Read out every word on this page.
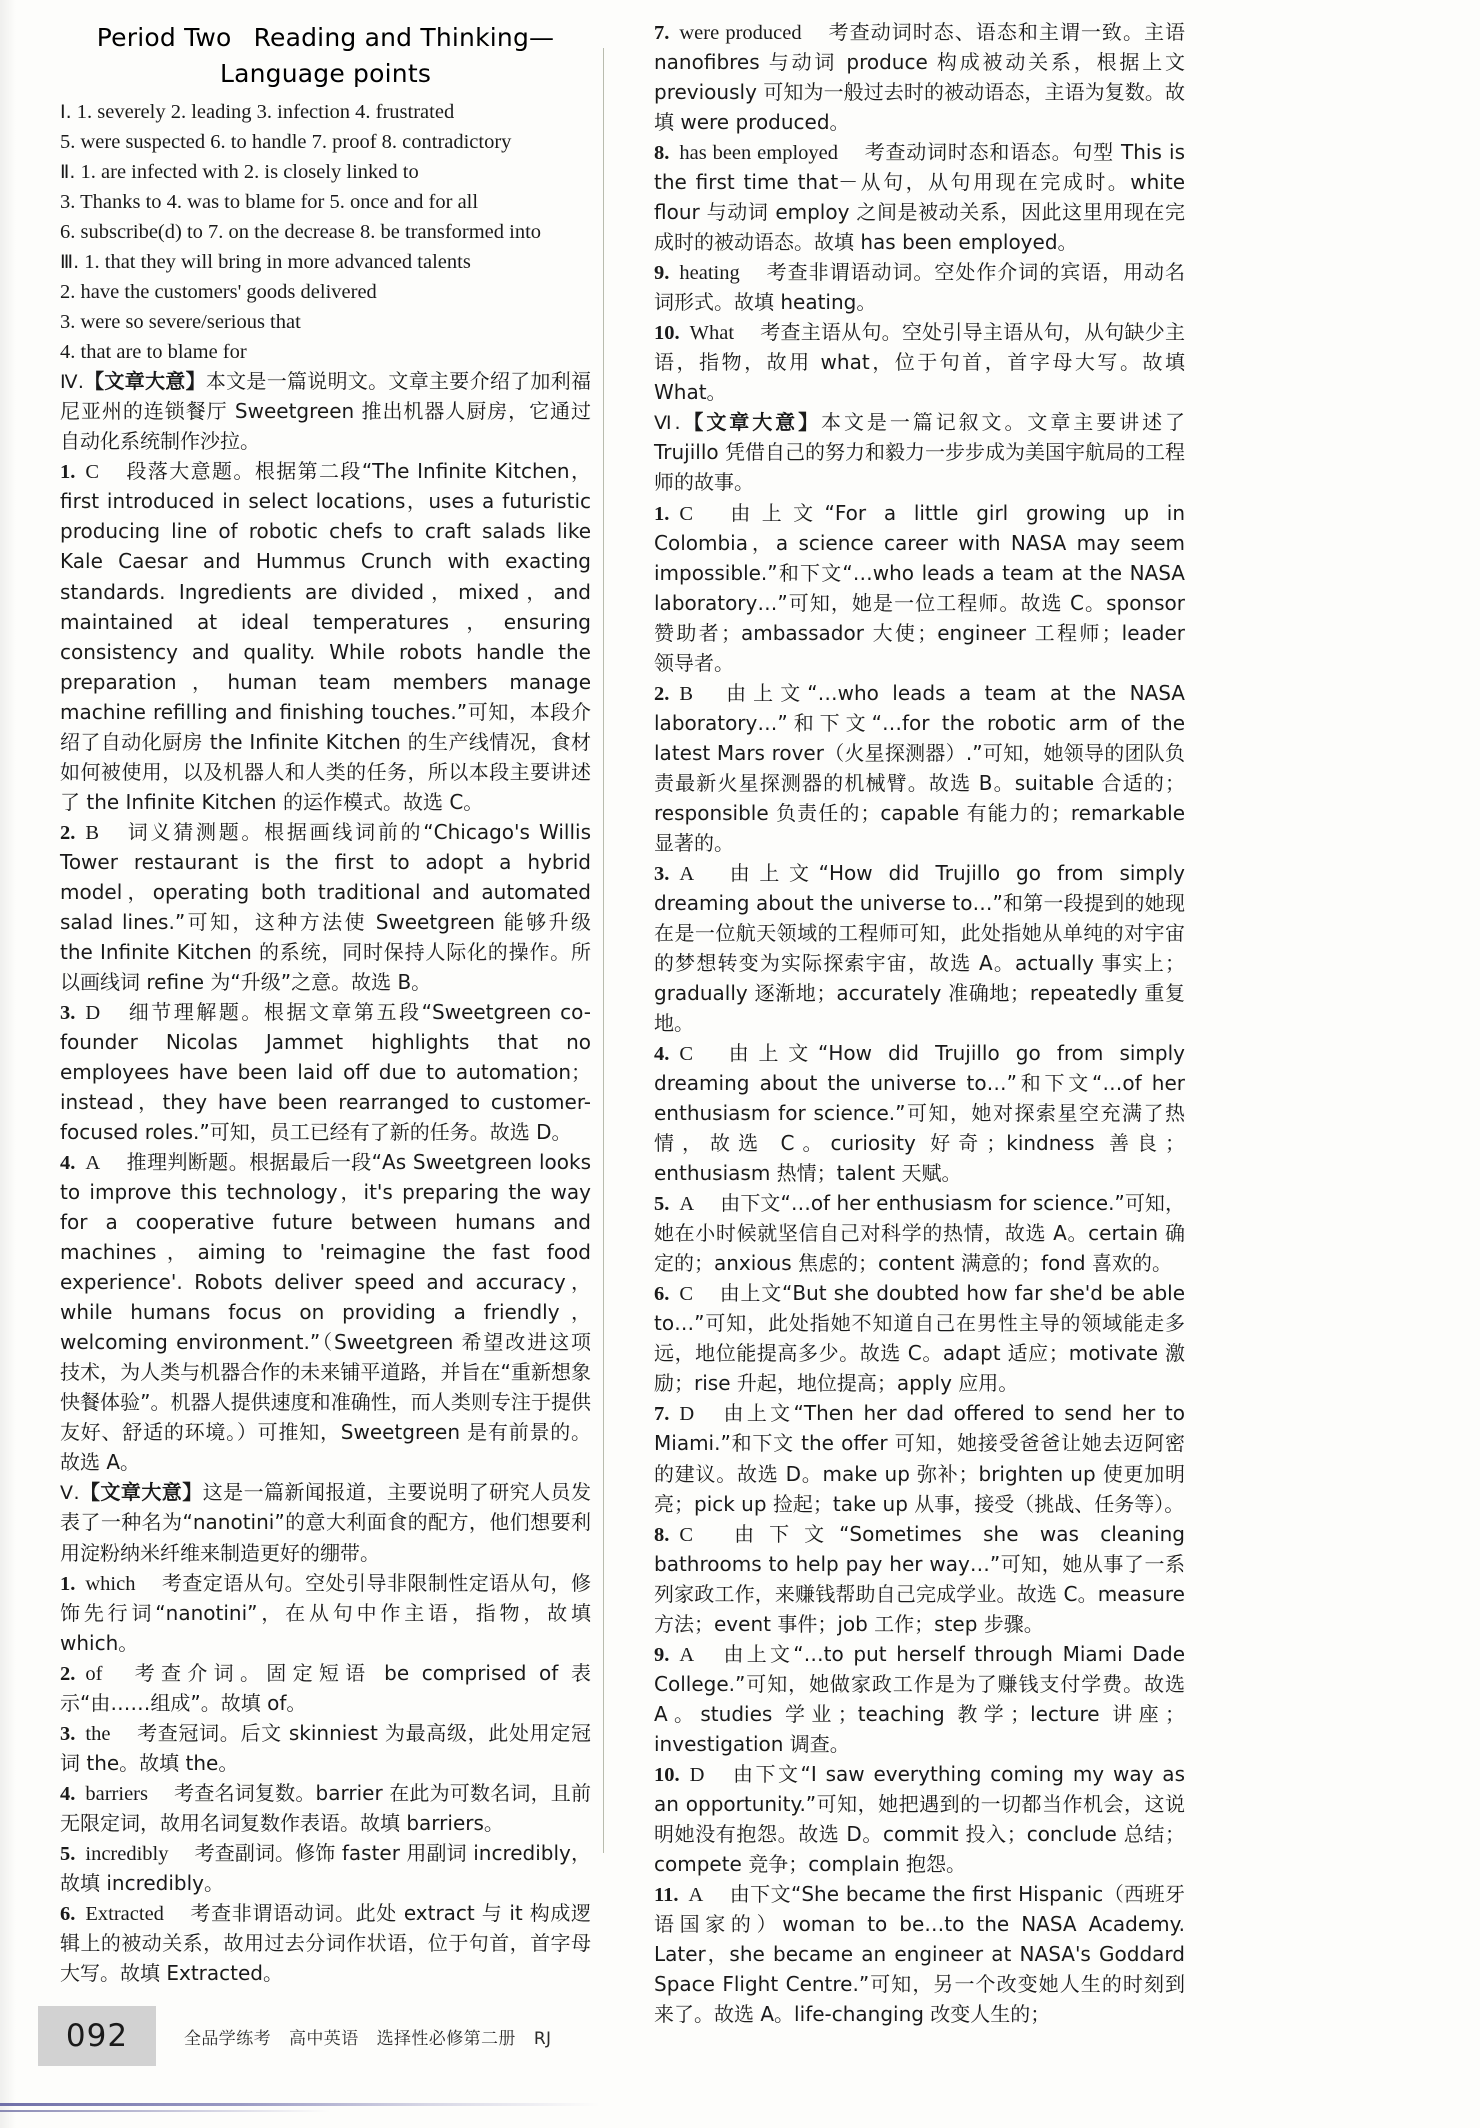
Period Two Reading and Thinking—
Language points

Ⅰ. 1. severely 2. leading 3. infection 4. frustrated

5. were suspected 6. to handle 7. proof 8. contradictory

Ⅱ. 1. are infected with 2. is closely linked to

3. Thanks to 4. was to blame for 5. once and for all

6. subscribe(d) to 7. on the decrease 8. be transformed into

Ⅲ. 1. that they will bring in more advanced talents

2. have the customers' goods delivered

3. were so severe/serious that

4. that are to blame for

Ⅳ.【文章大意】本文是一篇说明文。文章主要介绍了加利福尼亚州的连锁餐厅 Sweetgreen 推出机器人厨房，它通过自动化系统制作沙拉。

1. C 段落大意题。根据第二段“The Infinite Kitchen，first introduced in select locations，uses a futuristic producing line of robotic chefs to craft salads like Kale Caesar and Hummus Crunch with exacting standards. Ingredients are divided，mixed，and maintained at ideal temperatures，ensuring consistency and quality. While robots handle the preparation，human team members manage machine refilling and finishing touches.”可知，本段介绍了自动化厨房 the Infinite Kitchen 的生产线情况，食材如何被使用，以及机器人和人类的任务，所以本段主要讲述了 the Infinite Kitchen 的运作模式。故选 C。

2. B 词义猜测题。根据画线词前的“Chicago's Willis Tower restaurant is the first to adopt a hybrid model，operating both traditional and automated salad lines.”可知，这种方法使 Sweetgreen 能够升级 the Infinite Kitchen 的系统，同时保持人际化的操作。所以画线词 refine 为“升级”之意。故选 B。

3. D 细节理解题。根据文章第五段“Sweetgreen co-founder Nicolas Jammet highlights that no employees have been laid off due to automation；instead，they have been rearranged to customer-focused roles.”可知，员工已经有了新的任务。故选 D。

4. A 推理判断题。根据最后一段“As Sweetgreen looks to improve this technology，it's preparing the way for a cooperative future between humans and machines，aiming to 'reimagine the fast food experience'. Robots deliver speed and accuracy，while humans focus on providing a friendly，welcoming environment.”（Sweetgreen 希望改进这项技术，为人类与机器合作的未来铺平道路，并旨在“重新想象快餐体验”。机器人提供速度和准确性，而人类则专注于提供友好、舒适的环境。）可推知，Sweetgreen 是有前景的。故选 A。

Ⅴ.【文章大意】这是一篇新闻报道，主要说明了研究人员发表了一种名为“nanotini”的意大利面食的配方，他们想要利用淀粉纳米纤维来制造更好的绷带。

1. which 考查定语从句。空处引导非限制性定语从句，修饰先行词“nanotini”，在从句中作主语，指物，故填 which。

2. of 考查介词。固定短语 be comprised of 表示“由……组成”。故填 of。

3. the 考查冠词。后文 skinniest 为最高级，此处用定冠词 the。故填 the。

4. barriers 考查名词复数。barrier 在此为可数名词，且前无限定词，故用名词复数作表语。故填 barriers。

5. incredibly 考查副词。修饰 faster 用副词 incredibly，故填 incredibly。

6. Extracted 考查非谓语动词。此处 extract 与 it 构成逻辑上的被动关系，故用过去分词作状语，位于句首，首字母大写。故填 Extracted。

7. were produced 考查动词时态、语态和主谓一致。主语 nanofibres 与动词 produce 构成被动关系，根据上文 previously 可知为一般过去时的被动语态，主语为复数。故填 were produced。

8. has been employed 考查动词时态和语态。句型 This is the first time that－从句，从句用现在完成时。white flour 与动词 employ 之间是被动关系，因此这里用现在完成时的被动语态。故填 has been employed。

9. heating 考查非谓语动词。空处作介词的宾语，用动名词形式。故填 heating。

10. What 考查主语从句。空处引导主语从句，从句缺少主语，指物，故用 what，位于句首，首字母大写。故填 What。

Ⅵ.【文章大意】本文是一篇记叙文。文章主要讲述了 Trujillo 凭借自己的努力和毅力一步步成为美国宇航局的工程师的故事。

1. C 由上文“For a little girl growing up in Colombia，a science career with NASA may seem impossible.”和下文“…who leads a team at the NASA laboratory…”可知，她是一位工程师。故选 C。sponsor 赞助者；ambassador 大使；engineer 工程师；leader 领导者。

2. B 由上文“…who leads a team at the NASA laboratory…”和下文“…for the robotic arm of the latest Mars rover（火星探测器）.”可知，她领导的团队负责最新火星探测器的机械臂。故选 B。suitable 合适的；responsible 负责任的；capable 有能力的；remarkable 显著的。

3. A 由上文“How did Trujillo go from simply dreaming about the universe to…”和第一段提到的她现在是一位航天领域的工程师可知，此处指她从单纯的对宇宙的梦想转变为实际探索宇宙，故选 A。actually 事实上；gradually 逐渐地；accurately 准确地；repeatedly 重复地。

4. C 由上文“How did Trujillo go from simply dreaming about the universe to…”和下文“…of her enthusiasm for science.”可知，她对探索星空充满了热情，故选 C。curiosity 好奇；kindness 善良；enthusiasm 热情；talent 天赋。

5. A 由下文“…of her enthusiasm for science.”可知，她在小时候就坚信自己对科学的热情，故选 A。certain 确定的；anxious 焦虑的；content 满意的；fond 喜欢的。

6. C 由上文“But she doubted how far she'd be able to…”可知，此处指她不知道自己在男性主导的领域能走多远，地位能提高多少。故选 C。adapt 适应；motivate 激励；rise 升起，地位提高；apply 应用。

7. D 由上文“Then her dad offered to send her to Miami.”和下文 the offer 可知，她接受爸爸让她去迈阿密的建议。故选 D。make up 弥补；brighten up 使更加明亮；pick up 捡起；take up 从事，接受（挑战、任务等）。

8. C 由下文“Sometimes she was cleaning bathrooms to help pay her way…”可知，她从事了一系列家政工作，来赚钱帮助自己完成学业。故选 C。measure 方法；event 事件；job 工作；step 步骤。

9. A 由上文“…to put herself through Miami Dade College.”可知，她做家政工作是为了赚钱支付学费。故选 A。studies 学业；teaching 教学；lecture 讲座；investigation 调查。

10. D 由下文“I saw everything coming my way as an opportunity.”可知，她把遇到的一切都当作机会，这说明她没有抱怨。故选 D。commit 投入；conclude 总结；compete 竞争；complain 抱怨。

11. A 由下文“She became the first Hispanic（西班牙语国家的）woman to be…to the NASA Academy. Later，she became an engineer at NASA's Goddard Space Flight Centre.”可知，另一个改变她人生的时刻到来了。故选 A。life-changing 改变人生的；

092	全品学练考 高中英语 选择性必修第二册 RJ
